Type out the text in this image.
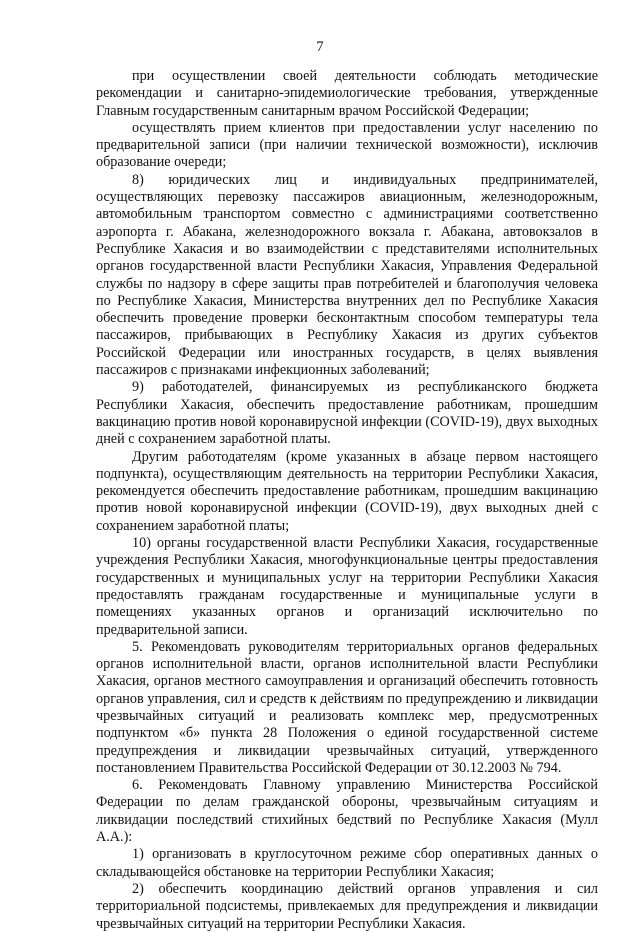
7

при осуществлении своей деятельности соблюдать методические рекомендации и санитарно-эпидемиологические требования, утвержденные Главным государственным санитарным врачом Российской Федерации;

осуществлять прием клиентов при предоставлении услуг населению по предварительной записи (при наличии технической возможности), исключив образование очереди;

8) юридических лиц и индивидуальных предпринимателей, осуществляющих перевозку пассажиров авиационным, железнодорожным, автомобильным транспортом совместно с администрациями соответственно аэропорта г. Абакана, железнодорожного вокзала г. Абакана, автовокзалов в Республике Хакасия и во взаимодействии с представителями исполнительных органов государственной власти Республики Хакасия, Управления Федеральной службы по надзору в сфере защиты прав потребителей и благополучия человека по Республике Хакасия, Министерства внутренних дел по Республике Хакасия обеспечить проведение проверки бесконтактным способом температуры тела пассажиров, прибывающих в Республику Хакасия из других субъектов Российской Федерации или иностранных государств, в целях выявления пассажиров с признаками инфекционных заболеваний;

9) работодателей, финансируемых из республиканского бюджета Республики Хакасия, обеспечить предоставление работникам, прошедшим вакцинацию против новой коронавирусной инфекции (COVID-19), двух выходных дней с сохранением заработной платы.

Другим работодателям (кроме указанных в абзаце первом настоящего подпункта), осуществляющим деятельность на территории Республики Хакасия, рекомендуется обеспечить предоставление работникам, прошедшим вакцинацию против новой коронавирусной инфекции (COVID-19), двух выходных дней с сохранением заработной платы;

10) органы государственной власти Республики Хакасия, государственные учреждения Республики Хакасия, многофункциональные центры предоставления государственных и муниципальных услуг на территории Республики Хакасия предоставлять гражданам государственные и муниципальные услуги в помещениях указанных органов и организаций исключительно по предварительной записи.

5. Рекомендовать руководителям территориальных органов федеральных органов исполнительной власти, органов исполнительной власти Республики Хакасия, органов местного самоуправления и организаций обеспечить готовность органов управления, сил и средств к действиям по предупреждению и ликвидации чрезвычайных ситуаций и реализовать комплекс мер, предусмотренных подпунктом «б» пункта 28 Положения о единой государственной системе предупреждения и ликвидации чрезвычайных ситуаций, утвержденного постановлением Правительства Российской Федерации от 30.12.2003 № 794.

6. Рекомендовать Главному управлению Министерства Российской Федерации по делам гражданской обороны, чрезвычайным ситуациям и ликвидации последствий стихийных бедствий по Республике Хакасия (Мулл А.А.):

1) организовать в круглосуточном режиме сбор оперативных данных о складывающейся обстановке на территории Республики Хакасия;

2) обеспечить координацию действий органов управления и сил территориальной подсистемы, привлекаемых для предупреждения и ликвидации чрезвычайных ситуаций на территории Республики Хакасия.
